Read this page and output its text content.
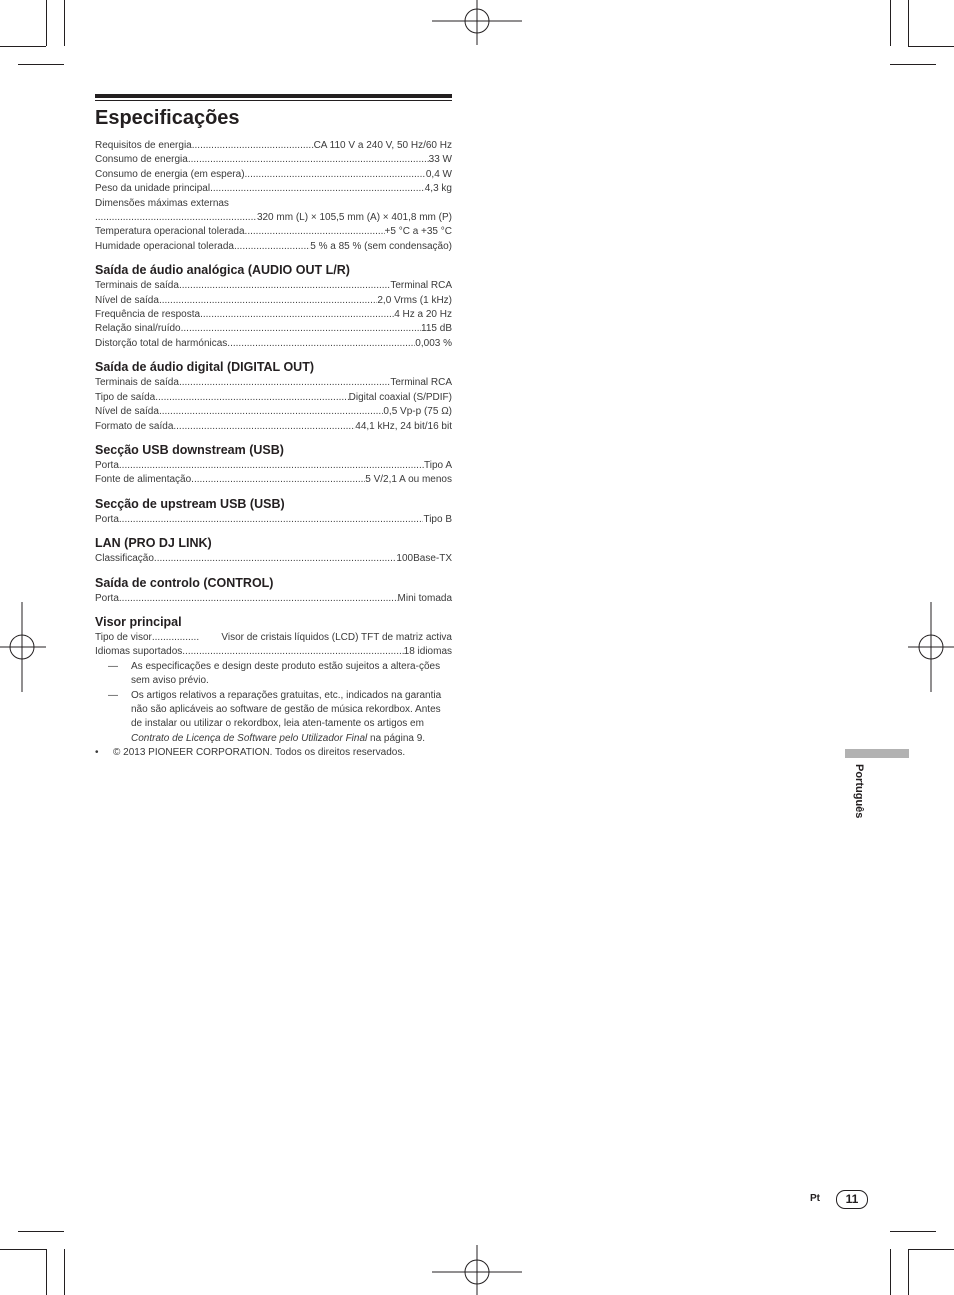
Especificações
Requisitos de energia .....	CA 110 V a 240 V, 50 Hz/60 Hz
Consumo de energia .....	33 W
Consumo de energia (em espera) .....	0,4 W
Peso da unidade principal .....	4,3 kg
Dimensões máximas externas
.....
320 mm (L) × 105,5 mm (A) × 401,8 mm (P)
Temperatura operacional tolerada .....	+5 °C a +35 °C
Humidade operacional tolerada .....	5 % a 85 % (sem condensação)
Saída de áudio analógica (AUDIO OUT L/R)
Terminais de saída .....	Terminal RCA
Nível de saída .....	2,0 Vrms (1 kHz)
Frequência de resposta .....	4 Hz a 20 Hz
Relação sinal/ruído .....	115 dB
Distorção total de harmónicas .....	0,003 %
Saída de áudio digital (DIGITAL OUT)
Terminais de saída .....	Terminal RCA
Tipo de saída .....	Digital coaxial (S/PDIF)
Nível de saída .....	0,5 Vp-p (75 Ω)
Formato de saída .....	44,1 kHz, 24 bit/16 bit
Secção USB downstream (USB)
Porta .....	Tipo A
Fonte de alimentação .....	5 V/2,1 A ou menos
Secção de upstream USB (USB)
Porta .....	Tipo B
LAN (PRO DJ LINK)
Classificação .....	100Base-TX
Saída de controlo (CONTROL)
Porta .....	Mini tomada
Visor principal
Tipo de visor .....	Visor de cristais líquidos (LCD) TFT de matriz activa
Idiomas suportados .....	18 idiomas
—	As especificações e design deste produto estão sujeitos a altera-ções sem aviso prévio.
—	Os artigos relativos a reparações gratuitas, etc., indicados na garantia não são aplicáveis ao software de gestão de música rekordbox. Antes de instalar ou utilizar o rekordbox, leia aten-tamente os artigos em Contrato de Licença de Software pelo Utilizador Final na página 9.
•	© 2013 PIONEER CORPORATION. Todos os direitos reservados.
Português
Pt	11
